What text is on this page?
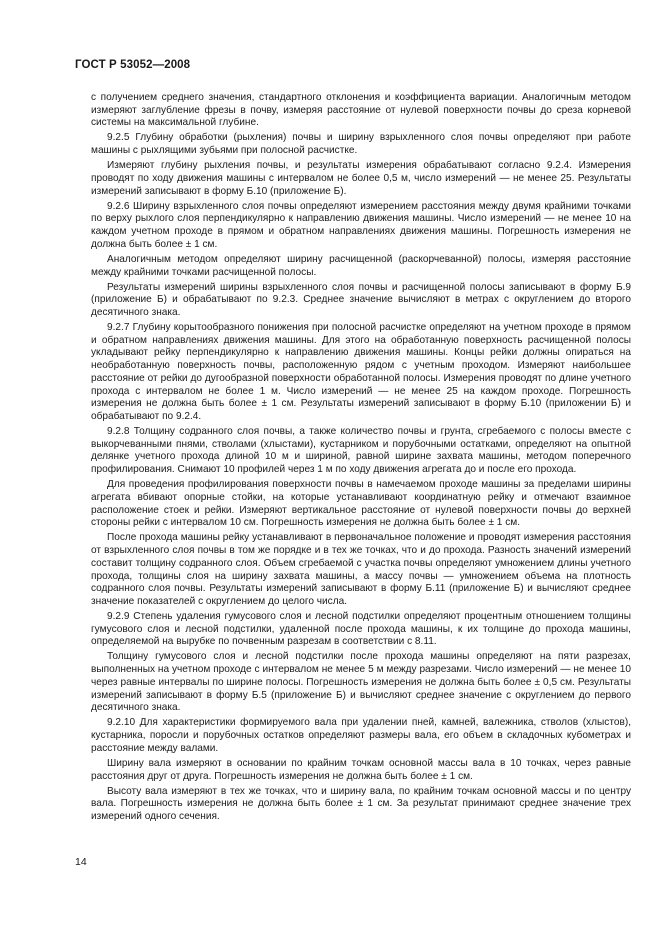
ГОСТ Р 53052—2008

с получением среднего значения, стандартного отклонения и коэффициента вариации. Аналогичным методом измеряют заглубление фрезы в почву, измеряя расстояние от нулевой поверхности почвы до среза корневой системы на максимальной глубине.

9.2.5 Глубину обработки (рыхления) почвы и ширину взрыхленного слоя почвы определяют при работе машины с рыхлящими зубьями при полосной расчистке.

Измеряют глубину рыхления почвы, и результаты измерения обрабатывают согласно 9.2.4. Измерения проводят по ходу движения машины с интервалом не более 0,5 м, число измерений — не менее 25. Результаты измерений записывают в форму Б.10 (приложение Б).

9.2.6 Ширину взрыхленного слоя почвы определяют измерением расстояния между двумя крайними точками по верху рыхлого слоя перпендикулярно к направлению движения машины. Число измерений — не менее 10 на каждом учетном проходе в прямом и обратном направлениях движения машины. Погрешность измерения не должна быть более ± 1 см.

Аналогичным методом определяют ширину расчищенной (раскорчеванной) полосы, измеряя расстояние между крайними точками расчищенной полосы.

Результаты измерений ширины взрыхленного слоя почвы и расчищенной полосы записывают в форму Б.9 (приложение Б) и обрабатывают по 9.2.3. Среднее значение вычисляют в метрах с округлением до второго десятичного знака.

9.2.7 Глубину корытообразного понижения при полосной расчистке определяют на учетном проходе в прямом и обратном направлениях движения машины. Для этого на обработанную поверхность расчищенной полосы укладывают рейку перпендикулярно к направлению движения машины. Концы рейки должны опираться на необработанную поверхность почвы, расположенную рядом с учетным проходом. Измеряют наибольшее расстояние от рейки до дугообразной поверхности обработанной полосы. Измерения проводят по длине учетного прохода с интервалом не более 1 м. Число измерений — не менее 25 на каждом проходе. Погрешность измерения не должна быть более ± 1 см. Результаты измерений записывают в форму Б.10 (приложении Б) и обрабатывают по 9.2.4.

9.2.8 Толщину содранного слоя почвы, а также количество почвы и грунта, сгребаемого с полосы вместе с выкорчеванными пнями, стволами (хлыстами), кустарником и порубочными остатками, определяют на опытной делянке учетного прохода длиной 10 м и шириной, равной ширине захвата машины, методом поперечного профилирования. Снимают 10 профилей через 1 м по ходу движения агрегата до и после его прохода.

Для проведения профилирования поверхности почвы в намечаемом проходе машины за пределами ширины агрегата вбивают опорные стойки, на которые устанавливают координатную рейку и отмечают взаимное расположение стоек и рейки. Измеряют вертикальное расстояние от нулевой поверхности почвы до верхней стороны рейки с интервалом 10 см. Погрешность измерения не должна быть более ± 1 см.

После прохода машины рейку устанавливают в первоначальное положение и проводят измерения расстояния от взрыхленного слоя почвы в том же порядке и в тех же точках, что и до прохода. Разность значений измерений составит толщину содранного слоя. Объем сгребаемой с участка почвы определяют умножением длины учетного прохода, толщины слоя на ширину захвата машины, а массу почвы — умножением объема на плотность содранного слоя почвы. Результаты измерений записывают в форму Б.11 (приложение Б) и вычисляют среднее значение показателей с округлением до целого числа.

9.2.9 Степень удаления гумусового слоя и лесной подстилки определяют процентным отношением толщины гумусового слоя и лесной подстилки, удаленной после прохода машины, к их толщине до прохода машины, определяемой на вырубке по почвенным разрезам в соответствии с 8.11.

Толщину гумусового слоя и лесной подстилки после прохода машины определяют на пяти разрезах, выполненных на учетном проходе с интервалом не менее 5 м между разрезами. Число измерений — не менее 10 через равные интервалы по ширине полосы. Погрешность измерения не должна быть более ± 0,5 см. Результаты измерений записывают в форму Б.5 (приложение Б) и вычисляют среднее значение с округлением до первого десятичного знака.

9.2.10 Для характеристики формируемого вала при удалении пней, камней, валежника, стволов (хлыстов), кустарника, поросли и порубочных остатков определяют размеры вала, его объем в складочных кубометрах и расстояние между валами.

Ширину вала измеряют в основании по крайним точкам основной массы вала в 10 точках, через равные расстояния друг от друга. Погрешность измерения не должна быть более ± 1 см.

Высоту вала измеряют в тех же точках, что и ширину вала, по крайним точкам основной массы и по центру вала. Погрешность измерения не должна быть более ± 1 см. За результат принимают среднее значение трех измерений одного сечения.

14
